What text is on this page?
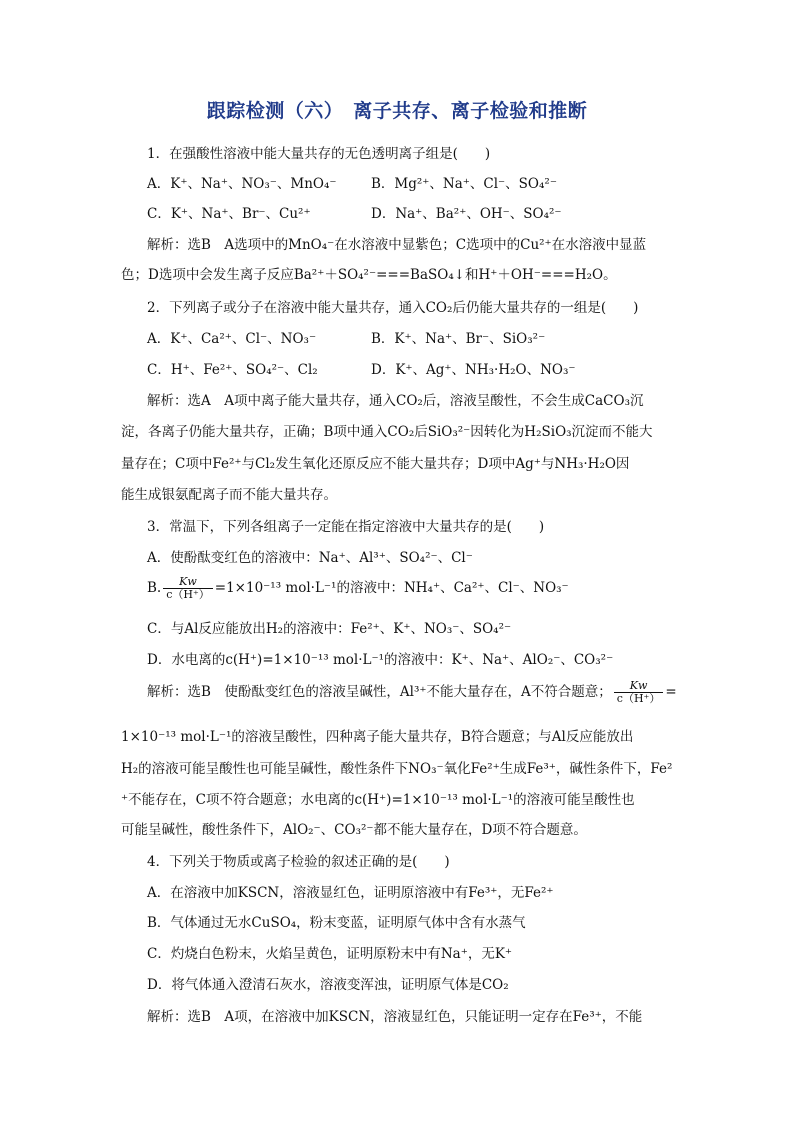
跟踪检测（六）　离子共存、离子检验和推断
1．在强酸性溶液中能大量共存的无色透明离子组是(　　)
A．K⁺、Na⁺、NO₃⁻、MnO₄⁻	B．Mg²⁺、Na⁺、Cl⁻、SO₄²⁻
C．K⁺、Na⁺、Br⁻、Cu²⁺	D．Na⁺、Ba²⁺、OH⁻、SO₄²⁻
解析：选B　A选项中的MnO₄⁻在水溶液中显紫色；C选项中的Cu²⁺在水溶液中显蓝
色；D选项中会发生离子反应Ba²⁺＋SO₄²⁻===BaSO₄↓和H⁺＋OH⁻===H₂O。
2．下列离子或分子在溶液中能大量共存，通入CO₂后仍能大量共存的一组是(　　)
A．K⁺、Ca²⁺、Cl⁻、NO₃⁻	B．K⁺、Na⁺、Br⁻、SiO₃²⁻
C．H⁺、Fe²⁺、SO₄²⁻、Cl₂	D．K⁺、Ag⁺、NH₃·H₂O、NO₃⁻
解析：选A　A项中离子能大量共存，通入CO₂后，溶液呈酸性，不会生成CaCO₃沉
淀，各离子仍能大量共存，正确；B项中通入CO₂后SiO₃²⁻因转化为H₂SiO₃沉淀而不能大
量存在；C项中Fe²⁺与Cl₂发生氧化还原反应不能大量共存；D项中Ag⁺与NH₃·H₂O因
能生成银氨配离子而不能大量共存。
3．常温下，下列各组离子一定能在指定溶液中大量共存的是(　　)
A．使酚酞变红色的溶液中：Na⁺、Al³⁺、SO₄²⁻、Cl⁻
B. $\frac{Kw}{c(H^+)} =1\times 10^{-13}$ mol·L⁻¹的溶液中：NH₄⁺、Ca²⁺、Cl⁻、NO₃⁻
C．与Al反应能放出H₂的溶液中：Fe²⁺、K⁺、NO₃⁻、SO₄²⁻
D．水电离的c(H⁺)=1×10⁻¹³ mol·L⁻¹的溶液中：K⁺、Na⁺、AlO₂⁻、CO₃²⁻
解析：选B　使酚酞变红色的溶液呈碱性，Al³⁺不能大量存在，A不符合题意； $\frac{Kw}{c(H^+)}$ =
1×10⁻¹³ mol·L⁻¹的溶液呈酸性，四种离子能大量共存，B符合题意；与Al反应能放出
H₂的溶液可能呈酸性也可能呈碱性，酸性条件下NO₃⁻氧化Fe²⁺生成Fe³⁺，碱性条件下，Fe²
⁺不能存在，C项不符合题意；水电离的c(H⁺)=1×10⁻¹³ mol·L⁻¹的溶液可能呈酸性也
可能呈碱性，酸性条件下，AlO₂⁻、CO₃²⁻都不能大量存在，D项不符合题意。
4．下列关于物质或离子检验的叙述正确的是(　　)
A．在溶液中加KSCN，溶液显红色，证明原溶液中有Fe³⁺，无Fe²⁺
B．气体通过无水CuSO₄，粉末变蓝，证明原气体中含有水蒸气
C．灼烧白色粉末，火焰呈黄色，证明原粉末中有Na⁺，无K⁺
D．将气体通入澄清石灰水，溶液变浑浊，证明原气体是CO₂
解析：选B　A项，在溶液中加KSCN，溶液显红色，只能证明一定存在Fe³⁺，不能
